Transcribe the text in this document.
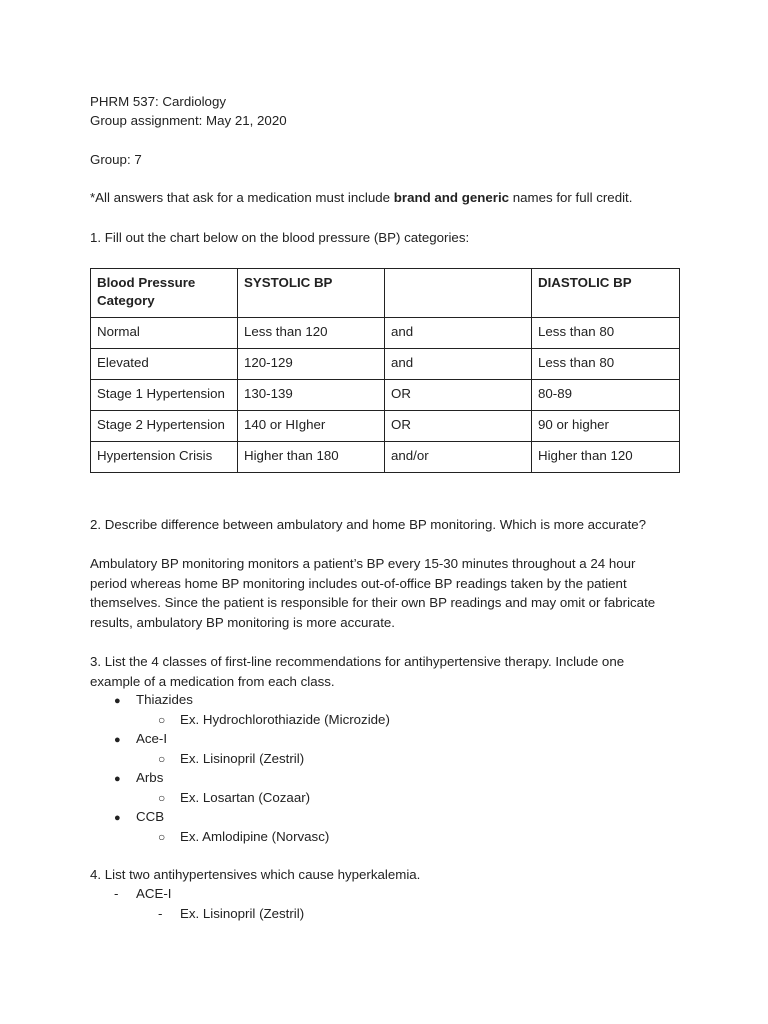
PHRM 537: Cardiology
Group assignment: May 21, 2020
Group: 7
*All answers that ask for a medication must include brand and generic names for full credit.
1. Fill out the chart below on the blood pressure (BP) categories:
Blood Pressure Category	SYSTOLIC BP		DIASTOLIC BP
Normal	Less than 120	and	Less than 80
Elevated	120-129	and	Less than 80
Stage 1 Hypertension	130-139	OR	80-89
Stage 2 Hypertension	140 or HIgher	OR	90 or higher
Hypertension Crisis	Higher than 180	and/or	Higher than 120
2. Describe difference between ambulatory and home BP monitoring. Which is more accurate?
Ambulatory BP monitoring monitors a patient’s BP every 15-30 minutes throughout a 24 hour
period whereas home BP monitoring includes out-of-office BP readings taken by the patient
themselves. Since the patient is responsible for their own BP readings and may omit or fabricate
results, ambulatory BP monitoring is more accurate.
3. List the 4 classes of first-line recommendations for antihypertensive therapy. Include one
example of a medication from each class.
● Thiazides
○ Ex. Hydrochlorothiazide (Microzide)
● Ace-I
○ Ex. Lisinopril (Zestril)
● Arbs
○ Ex. Losartan (Cozaar)
● CCB
○ Ex. Amlodipine (Norvasc)
4. List two antihypertensives which cause hyperkalemia.
- ACE-I
- Ex. Lisinopril (Zestril)
